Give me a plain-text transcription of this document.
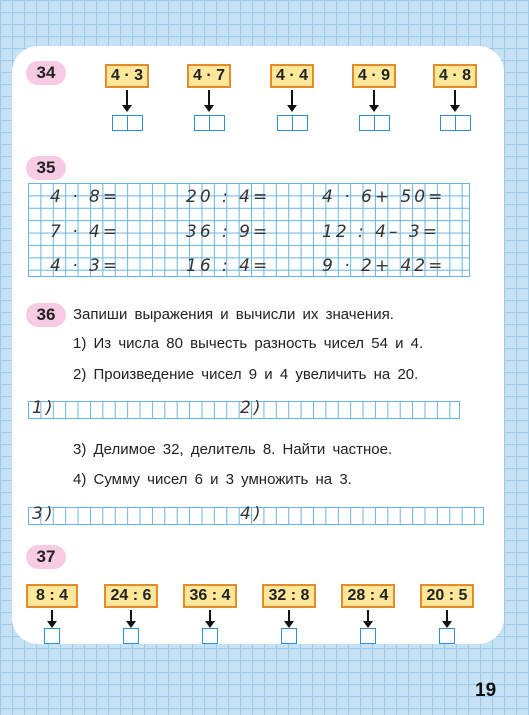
34	4 · 3	4 · 7	4 · 4	4 · 9	4 · 8
35
4 · 8=	20 : 4=	4 · 6+ 50=
7 · 4=	36 : 9=	12 : 4– 3=
4 · 3=	16 : 4=	9 · 2+ 42=
36	Запиши выражения и вычисли их значения.
1) Из числа 80 вычесть разность чисел 54 и 4.
2) Произведение чисел 9 и 4 увеличить на 20.
1)	2)
3) Делимое 32, делитель 8. Найти частное.
4) Сумму чисел 6 и 3 умножить на 3.
3)	4)
37
8 : 4	24 : 6	36 : 4	32 : 8	28 : 4	20 : 5
19
